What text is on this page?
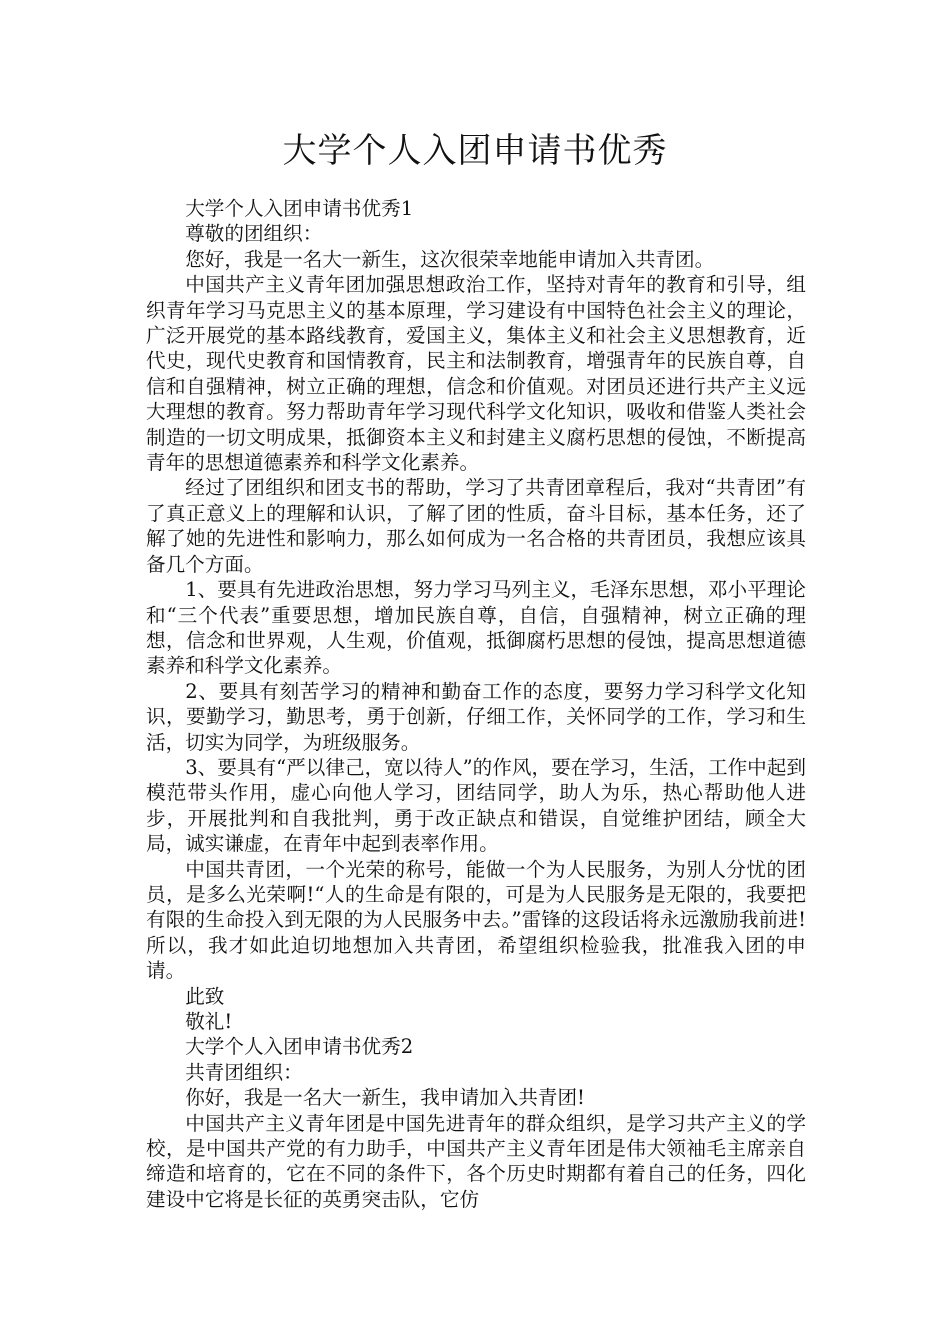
大学个人入团申请书优秀

大学个人入团申请书优秀1

尊敬的团组织：

您好，我是一名大一新生，这次很荣幸地能申请加入共青团。

中国共产主义青年团加强思想政治工作，坚持对青年的教育和引导，组织青年学习马克思主义的基本原理，学习建设有中国特色社会主义的理论，广泛开展党的基本路线教育，爱国主义，集体主义和社会主义思想教育，近代史，现代史教育和国情教育，民主和法制教育，增强青年的民族自尊，自信和自强精神，树立正确的理想，信念和价值观。对团员还进行共产主义远大理想的教育。努力帮助青年学习现代科学文化知识，吸收和借鉴人类社会制造的一切文明成果，抵御资本主义和封建主义腐朽思想的侵蚀，不断提高青年的思想道德素养和科学文化素养。

经过了团组织和团支书的帮助，学习了共青团章程后，我对“共青团”有了真正意义上的理解和认识，了解了团的性质，奋斗目标，基本任务，还了解了她的先进性和影响力，那么如何成为一名合格的共青团员，我想应该具备几个方面。

1、要具有先进政治思想，努力学习马列主义，毛泽东思想，邓小平理论和“三个代表”重要思想，增加民族自尊，自信，自强精神，树立正确的理想，信念和世界观，人生观，价值观，抵御腐朽思想的侵蚀，提高思想道德素养和科学文化素养。

2、要具有刻苦学习的精神和勤奋工作的态度，要努力学习科学文化知识，要勤学习，勤思考，勇于创新，仔细工作，关怀同学的工作，学习和生活，切实为同学，为班级服务。

3、要具有“严以律己，宽以待人”的作风，要在学习，生活，工作中起到模范带头作用，虚心向他人学习，团结同学，助人为乐，热心帮助他人进步，开展批判和自我批判，勇于改正缺点和错误，自觉维护团结，顾全大局，诚实谦虚，在青年中起到表率作用。

中国共青团，一个光荣的称号，能做一个为人民服务，为别人分忧的团员，是多么光荣啊!“人的生命是有限的，可是为人民服务是无限的，我要把有限的生命投入到无限的为人民服务中去。”雷锋的这段话将永远激励我前进!所以，我才如此迫切地想加入共青团，希望组织检验我，批准我入团的申请。

此致

敬礼!

大学个人入团申请书优秀2

共青团组织：

你好，我是一名大一新生，我申请加入共青团!

中国共产主义青年团是中国先进青年的群众组织，是学习共产主义的学校，是中国共产党的有力助手，中国共产主义青年团是伟大领袖毛主席亲自缔造和培育的，它在不同的条件下，各个历史时期都有着自己的任务，四化建设中它将是长征的英勇突击队，它仿
